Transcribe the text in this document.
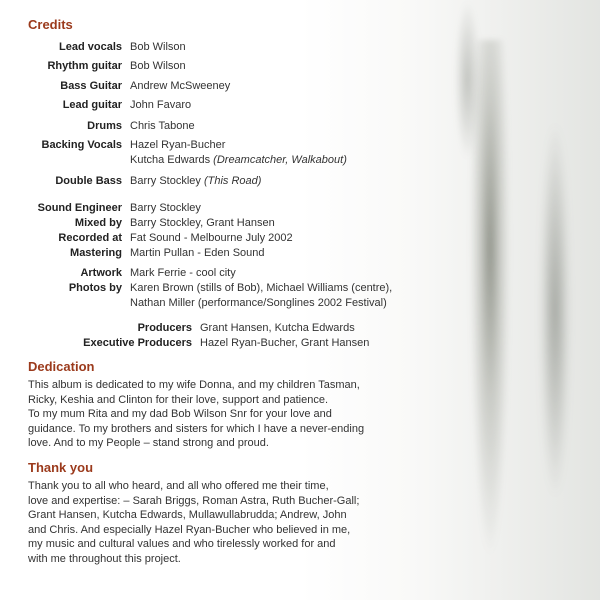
Credits
Lead vocals Bob Wilson
Rhythm guitar Bob Wilson
Bass Guitar Andrew McSweeney
Lead guitar John Favaro
Drums Chris Tabone
Backing Vocals Hazel Ryan-Bucher
Kutcha Edwards (Dreamcatcher, Walkabout)
Double Bass Barry Stockley (This Road)
Sound Engineer Barry Stockley
Mixed by Barry Stockley, Grant Hansen
Recorded at Fat Sound - Melbourne July 2002
Mastering Martin Pullan - Eden Sound
Artwork Mark Ferrie - cool city
Photos by Karen Brown (stills of Bob), Michael Williams (centre),
Nathan Miller (performance/Songlines 2002 Festival)
Producers Grant Hansen, Kutcha Edwards
Executive Producers Hazel Ryan-Bucher, Grant Hansen
Dedication
This album is dedicated to my wife Donna, and my children Tasman,
Ricky, Keshia and Clinton for their love, support and patience.
To my mum Rita and my dad Bob Wilson Snr for your love and
guidance. To my brothers and sisters for which I have a never-ending
love. And to my People – stand strong and proud.
Thank you
Thank you to all who heard, and all who offered me their time,
love and expertise: – Sarah Briggs, Roman Astra, Ruth Bucher-Gall;
Grant Hansen, Kutcha Edwards, Mullawullabrudda; Andrew, John
and Chris. And especially Hazel Ryan-Bucher who believed in me,
my music and cultural values and who tirelessly worked for and
with me throughout this project.
